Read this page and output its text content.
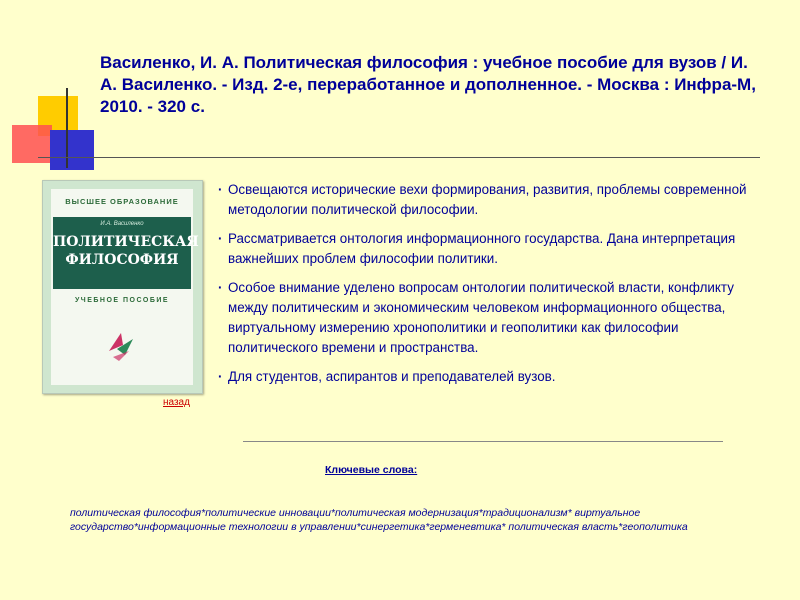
Василенко, И. А. Политическая философия : учебное пособие для вузов / И. А. Василенко. - Изд. 2-е, переработанное и дополненное. - Москва : Инфра-М, 2010. - 320 с.
ВЫСШЕЕ ОБРАЗОВАНИЕ
И.А. Василенко
ПОЛИТИЧЕСКАЯ
ФИЛОСОФИЯ
УЧЕБНОЕ ПОСОБИЕ
назад
· Освещаются исторические вехи формирования, развития, проблемы современной методологии политической философии.
· Рассматривается онтология информационного государства. Дана интерпретация важнейших проблем философии политики.
· Особое внимание уделено вопросам онтологии политической власти, конфликту между политическим и экономическим человеком информационного общества, виртуальному измерению хронополитики и геополитики как философии политического времени и пространства.
· Для студентов, аспирантов и преподавателей вузов.
Ключевые слова:
политическая философия*политические инновации*политическая модернизация*традиционализм* виртуальное государство*информационные технологии в управлении*синергетика*герменевтика* политическая власть*геополитика
